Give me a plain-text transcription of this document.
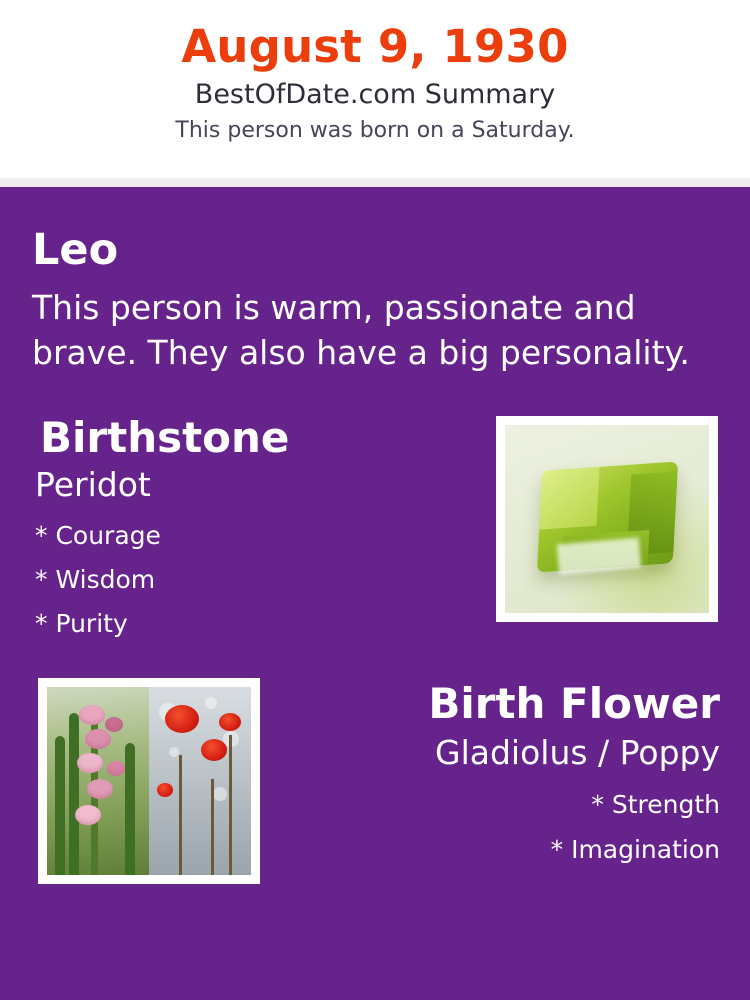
August 9, 1930
BestOfDate.com Summary
This person was born on a Saturday.
Leo
This person is warm, passionate and brave. They also have a big personality.
Birthstone
Peridot
* Courage
* Wisdom
* Purity
Birth Flower
Gladiolus / Poppy
* Strength
* Imagination
